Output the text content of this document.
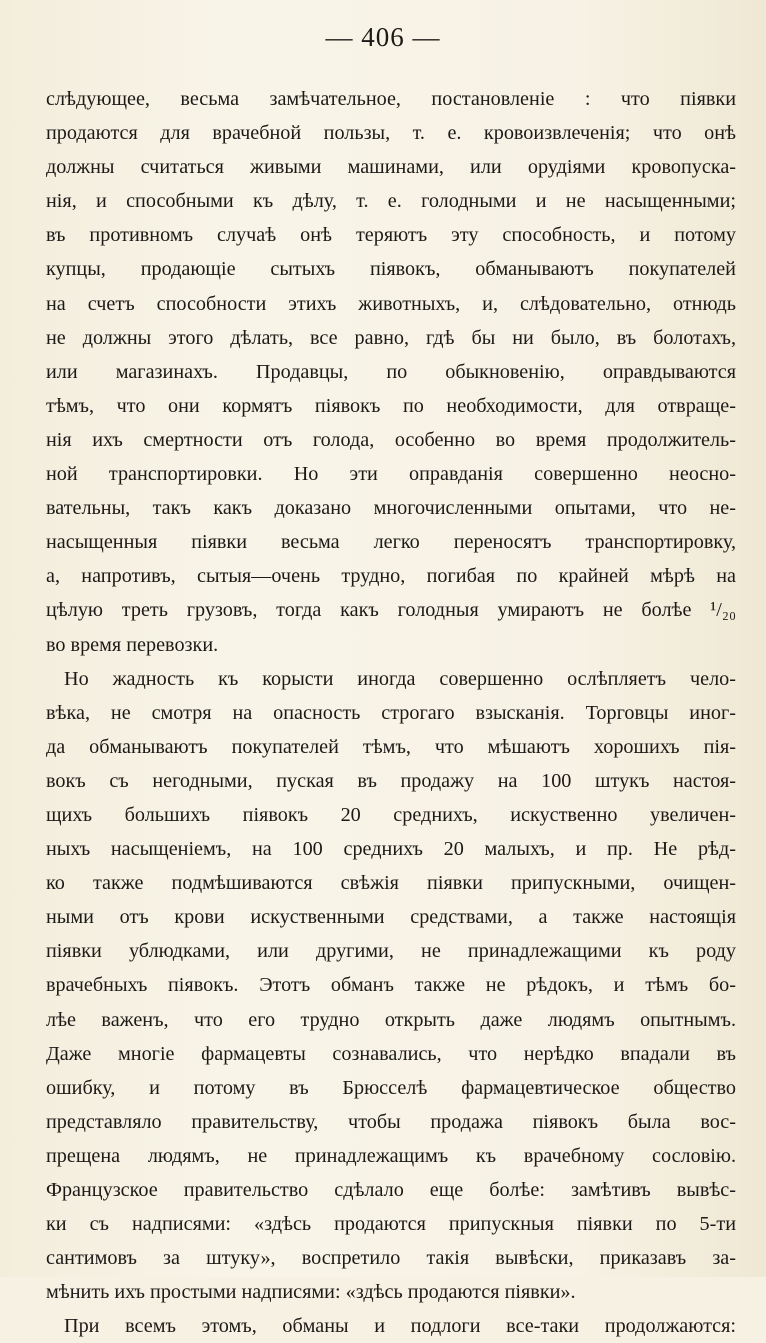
— 406 —
слѣдующее, весьма замѣчательное, постановленіе : что піявки
продаются для врачебной пользы, т. е. кровоизвлеченія; что онѣ
должны считаться живыми машинами, или орудіями кровопуска-
нія, и способными къ дѣлу, т. е. голодными и не насыщенными;
въ противномъ случаѣ онѣ теряютъ эту способность, и потому
купцы, продающіе сытыхъ піявокъ, обманываютъ покупателей
на счетъ способности этихъ животныхъ, и, слѣдовательно, отнюдь
не должны этого дѣлать, все равно, гдѣ бы ни было, въ болотахъ,
или магазинахъ. Продавцы, по обыкновенію, оправдываются
тѣмъ, что они кормятъ піявокъ по необходимости, для отвраще-
нія ихъ смертности отъ голода, особенно во время продолжитель-
ной транспортировки. Но эти оправданія совершенно неосно-
вательны, такъ какъ доказано многочисленными опытами, что не-
насыщенныя піявки весьма легко переносятъ транспортировку,
а, напротивъ, сытыя—очень трудно, погибая по крайней мѣрѣ на
цѣлую треть грузовъ, тогда какъ голодныя умираютъ не болѣе ¹/₂₀
во время перевозки.
Но жадность къ корысти иногда совершенно ослѣпляетъ чело-
вѣка, не смотря на опасность строгаго взысканія. Торговцы иног-
да обманываютъ покупателей тѣмъ, что мѣшаютъ хорошихъ пія-
вокъ съ негодными, пуская въ продажу на 100 штукъ настоя-
щихъ большихъ піявокъ 20 среднихъ, искуственно увеличен-
ныхъ насыщеніемъ, на 100 среднихъ 20 малыхъ, и пр. Не рѣд-
ко также подмѣшиваются свѣжія піявки припускными, очищен-
ными отъ крови искуственными средствами, а также настоящія
піявки ублюдками, или другими, не принадлежащими къ роду
врачебныхъ піявокъ. Этотъ обманъ также не рѣдокъ, и тѣмъ бо-
лѣе важенъ, что его трудно открыть даже людямъ опытнымъ.
Даже многіе фармацевты сознавались, что нерѣдко впадали въ
ошибку, и потому въ Брюсселѣ фармацевтическое общество
представляло правительству, чтобы продажа піявокъ была вос-
прещена людямъ, не принадлежащимъ къ врачебному сословію.
Французское правительство сдѣлало еще болѣе: замѣтивъ вывѣс-
ки съ надписями: «здѣсь продаются припускныя піявки по 5-ти
сантимовъ за штуку», воспретило такія вывѣски, приказавъ за-
мѣнить ихъ простыми надписями: «здѣсь продаются піявки».
При всемъ этомъ, обманы и подлоги все-таки продолжаются:
